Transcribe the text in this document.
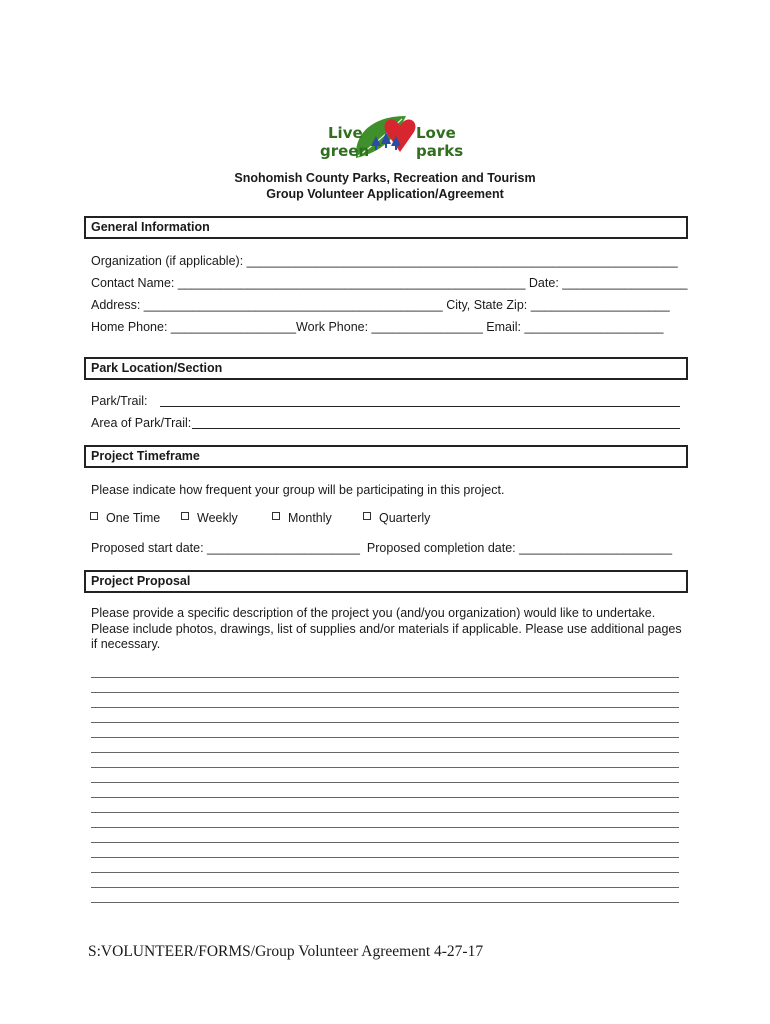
Live
green
Love
parks
Snohomish County Parks, Recreation and Tourism
Group Volunteer Application/Agreement
General Information
Organization (if applicable): ______________________________________________________________
Contact Name: __________________________________________________ Date: __________________
Address: ___________________________________________ City, State Zip: ____________________
Home Phone: __________________Work Phone: ________________ Email: ____________________
Park Location/Section
Park/Trail:
Area of Park/Trail:
Project Timeframe
Please indicate how frequent your group will be participating in this project.
One Time	Weekly	Monthly	Quarterly
Proposed start date: ______________________  Proposed completion date: ______________________
Project Proposal
Please provide a specific description of the project you (and/you organization) would like to undertake. Please include photos, drawings, list of supplies and/or materials if applicable. Please use additional pages if necessary.
S:VOLUNTEER/FORMS/Group Volunteer Agreement 4-27-17
